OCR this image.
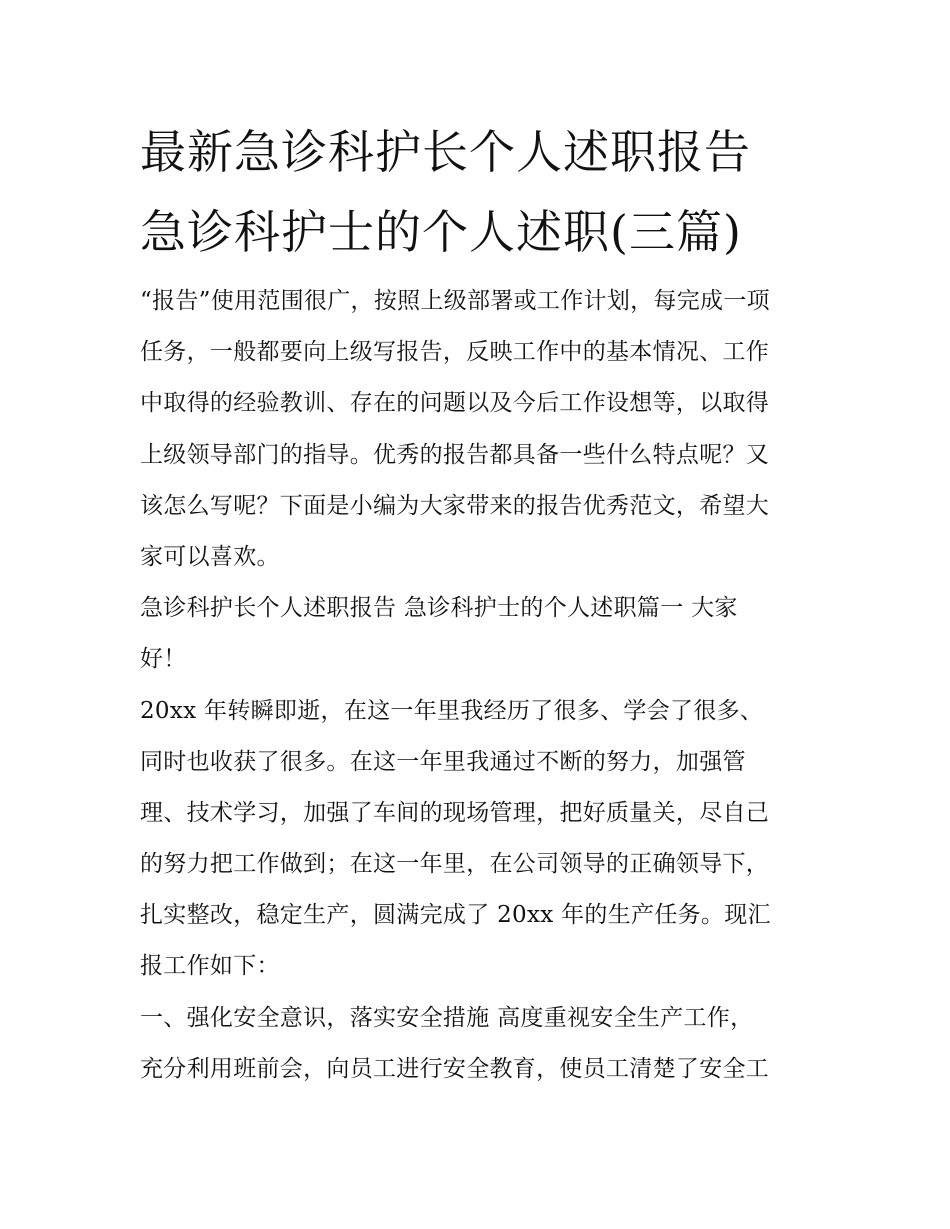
最新急诊科护长个人述职报告
急诊科护士的个人述职(三篇)
“报告”使用范围很广，按照上级部署或工作计划，每完成一项
任务，一般都要向上级写报告，反映工作中的基本情况、工作
中取得的经验教训、存在的问题以及今后工作设想等，以取得
上级领导部门的指导。优秀的报告都具备一些什么特点呢？又
该怎么写呢？下面是小编为大家带来的报告优秀范文，希望大
家可以喜欢。
急诊科护长个人述职报告 急诊科护士的个人述职篇一 大家
好！
20xx 年转瞬即逝，在这一年里我经历了很多、学会了很多、
同时也收获了很多。在这一年里我通过不断的努力，加强管
理、技术学习，加强了车间的现场管理，把好质量关，尽自己
的努力把工作做到；在这一年里，在公司领导的正确领导下，
扎实整改，稳定生产，圆满完成了 20xx 年的生产任务。现汇
报工作如下：
一、强化安全意识，落实安全措施 高度重视安全生产工作，
充分利用班前会，向员工进行安全教育，使员工清楚了安全工
